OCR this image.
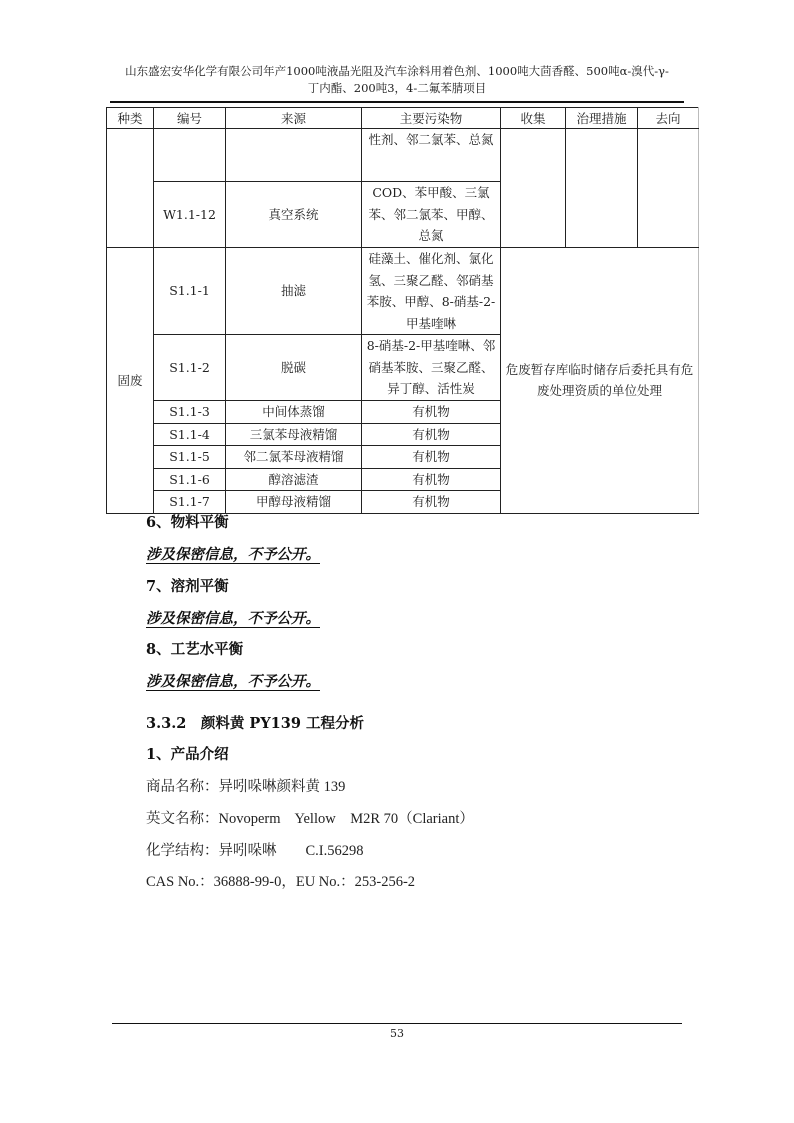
山东盛宏安华化学有限公司年产1000吨液晶光阻及汽车涂料用着色剂、1000吨大茴香醛、500吨α-溴代-γ-
丁内酯、200吨3，4-二氟苯腈项目
种类	编号	来源	主要污染物	收集	治理措施	去向
			性剂、邻二氯苯、总氮			
	W1.1-12	真空系统	COD、苯甲酸、三氯苯、邻二氯苯、甲醇、总氮			
固废	S1.1-1	抽滤	硅藻土、催化剂、氯化氢、三聚乙醛、邻硝基苯胺、甲醇、8-硝基-2-甲基喹啉	危废暂存库临时储存后委托具有危废处理资质的单位处理		
	S1.1-2	脱碳	8-硝基-2-甲基喹啉、邻硝基苯胺、三聚乙醛、异丁醇、活性炭			
	S1.1-3	中间体蒸馏	有机物			
	S1.1-4	三氯苯母液精馏	有机物			
	S1.1-5	邻二氯苯母液精馏	有机物			
	S1.1-6	醇溶滤渣	有机物			
	S1.1-7	甲醇母液精馏	有机物			
6、物料平衡
涉及保密信息，不予公开。
7、溶剂平衡
涉及保密信息，不予公开。
8、工艺水平衡
涉及保密信息，不予公开。
3.3.2　颜料黄 PY139 工程分析
1、产品介绍
商品名称：异吲哚啉颜料黄 139
英文名称：Novoperm    Yellow    M2R 70（Clariant）
化学结构：异吲哚啉        C.I.56298
CAS No.：36888-99-0，EU No.：253-256-2
53
